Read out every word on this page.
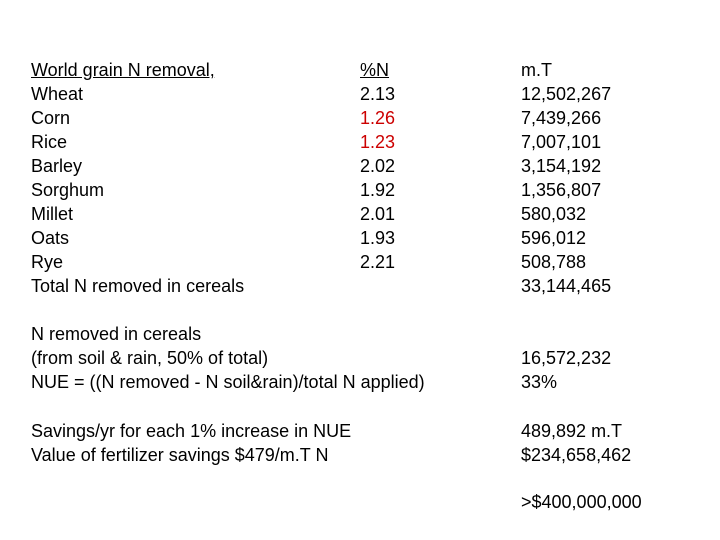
World grain N removal,	%N	m.T
Wheat	2.13	12,502,267
Corn	1.26	7,439,266
Rice	1.23	7,007,101
Barley	2.02	3,154,192
Sorghum	1.92	1,356,807
Millet	2.01	580,032
Oats	1.93	596,012
Rye	2.21	508,788
Total N removed in cereals	33,144,465
N removed in cereals
(from soil & rain, 50% of total)	16,572,232
NUE = ((N removed - N soil&rain)/total N applied)	33%
Savings/yr for each 1% increase in NUE	489,892 m.T
Value of fertilizer savings $479/m.T N	$234,658,462
>$400,000,000
